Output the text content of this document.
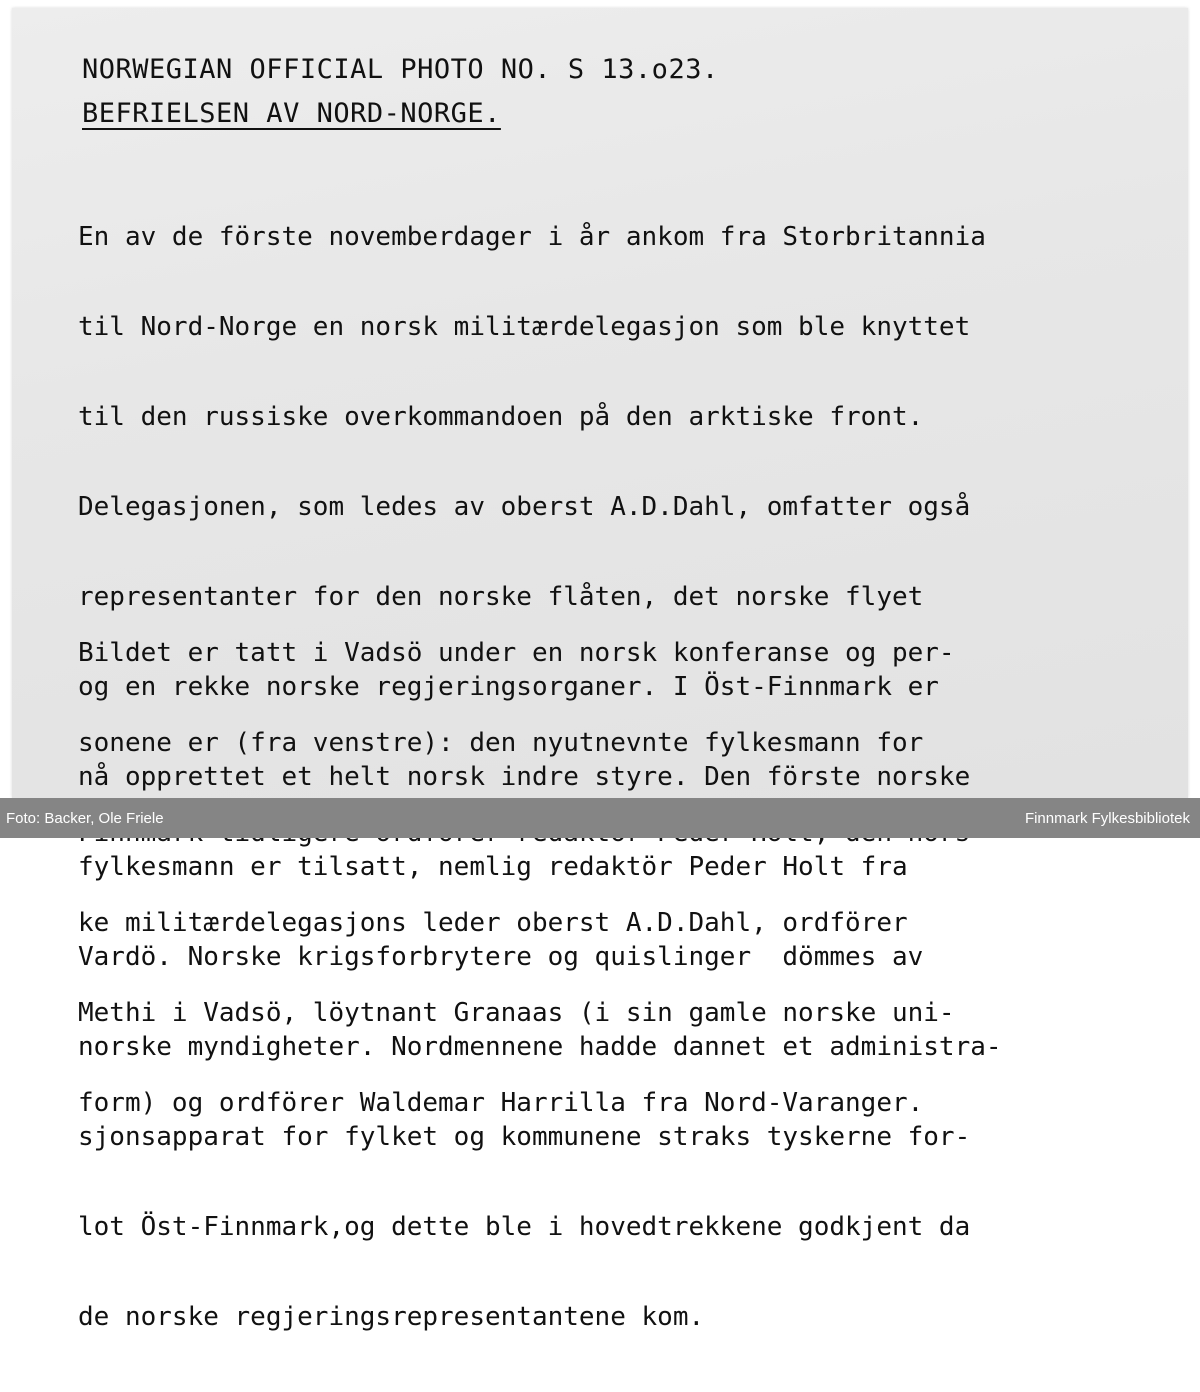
NORWEGIAN OFFICIAL PHOTO NO. S 13.o23.
BEFRIELSEN AV NORD-NORGE.

En av de förste novemberdager i år ankom fra Storbritannia

til Nord-Norge en norsk militærdelegasjon som ble knyttet

til den russiske overkommandoen på den arktiske front.

Delegasjonen, som ledes av oberst A.D.Dahl, omfatter også

representanter for den norske flåten, det norske flyet

og en rekke norske regjeringsorganer. I Öst-Finnmark er

nå opprettet et helt norsk indre styre. Den förste norske

fylkesmann er tilsatt, nemlig redaktör Peder Holt fra

Vardö. Norske krigsforbrytere og quislinger  dömmes av

norske myndigheter. Nordmennene hadde dannet et administra-

sjonsapparat for fylket og kommunene straks tyskerne for-

lot Öst-Finnmark,og dette ble i hovedtrekkene godkjent da

de norske regjeringsrepresentantene kom.

Bildet er tatt i Vadsö under en norsk konferanse og per-

sonene er (fra venstre): den nyutnevnte fylkesmann for

ke militærdelegasjons leder oberst A.D.Dahl, ordförer

Methi i Vadsö, löytnant Granaas (i sin gamle norske uni-

form) og ordförer Waldemar Harrilla fra Nord-Varanger.

Foto: Backer, Ole Friele	Finnmark Fylkesbibliotek
